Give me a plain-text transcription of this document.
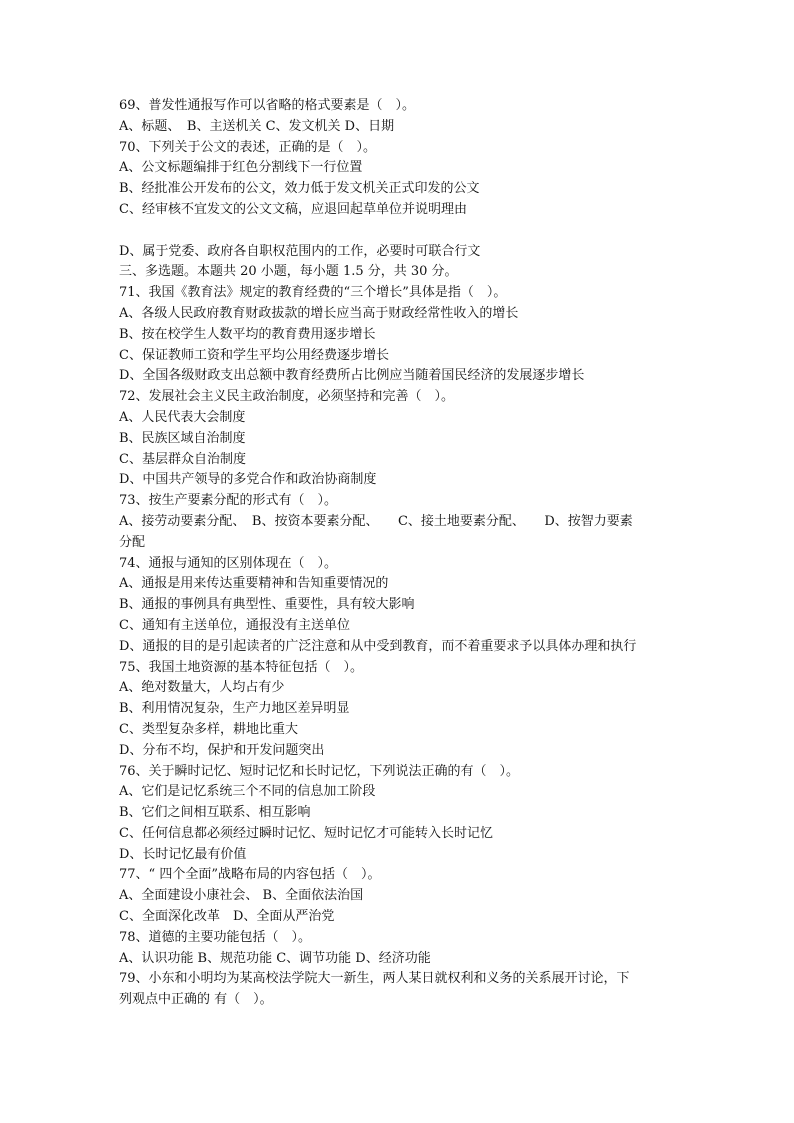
69、普发性通报写作可以省略的格式要素是（　）。
A、标题、　B、主送机关 C、发文机关 D、日期
70、下列关于公文的表述，正确的是（　）。
A、公文标题编排于红色分割线下一行位置
B、经批准公开发布的公文，效力低于发文机关正式印发的公文
C、经审核不宜发文的公文文稿，应退回起草单位并说明理由
D、属于党委、政府各自职权范围内的工作，必要时可联合行文
三、多选题。本题共 20 小题，每小题 1.5 分，共 30 分。
71、我国《教育法》规定的教育经费的“三个增长”具体是指（　）。
A、各级人民政府教育财政拔款的增长应当高于财政经常性收入的增长
B、按在校学生人数平均的教育费用逐步增长
C、保证教师工资和学生平均公用经费逐步增长
D、全国各级财政支出总额中教育经费所占比例应当随着国民经济的发展逐步增长
72、发展社会主义民主政治制度，必须坚持和完善（　）。
A、人民代表大会制度
B、民族区域自治制度
C、基层群众自治制度
D、中国共产领导的多党合作和政治协商制度
73、按生产要素分配的形式有（　）。
A、接劳动要素分配、　B、按资本要素分配、　　C、接土地要素分配、　　D、按智力要素
分配
74、通报与通知的区别体现在（　）。
A、通报是用来传达重要精神和告知重要情况的
B、通报的事例具有典型性、重要性，具有较大影响
C、通知有主送单位，通报没有主送单位
D、通报的目的是引起读者的广泛注意和从中受到教育，而不着重要求予以具体办理和执行
75、我国土地资源的基本特征包括（　）。
A、绝对数量大，人均占有少
B、利用情况复杂，生产力地区差异明显
C、类型复杂多样，耕地比重大
D、分布不均，保护和开发问题突出
76、关于瞬时记忆、短时记忆和长时记忆，下列说法正确的有（　）。
A、它们是记忆系统三个不同的信息加工阶段
B、它们之间相互联系、相互影响
C、任何信息都必须经过瞬时记忆、短时记忆才可能转入长时记忆
D、长时记忆最有价值
77、“ 四个全面”战略布局的内容包括（　）。
A、全面建设小康社会、 B、全面依法治国
C、全面深化改革　D、全面从严治党
78、道德的主要功能包括（　）。
A、认识功能 B、规范功能 C、调节功能 D、经济功能
79、小东和小明均为某高校法学院大一新生，两人某日就权利和义务的关系展开讨论，下
列观点中正确的 有（　）。
